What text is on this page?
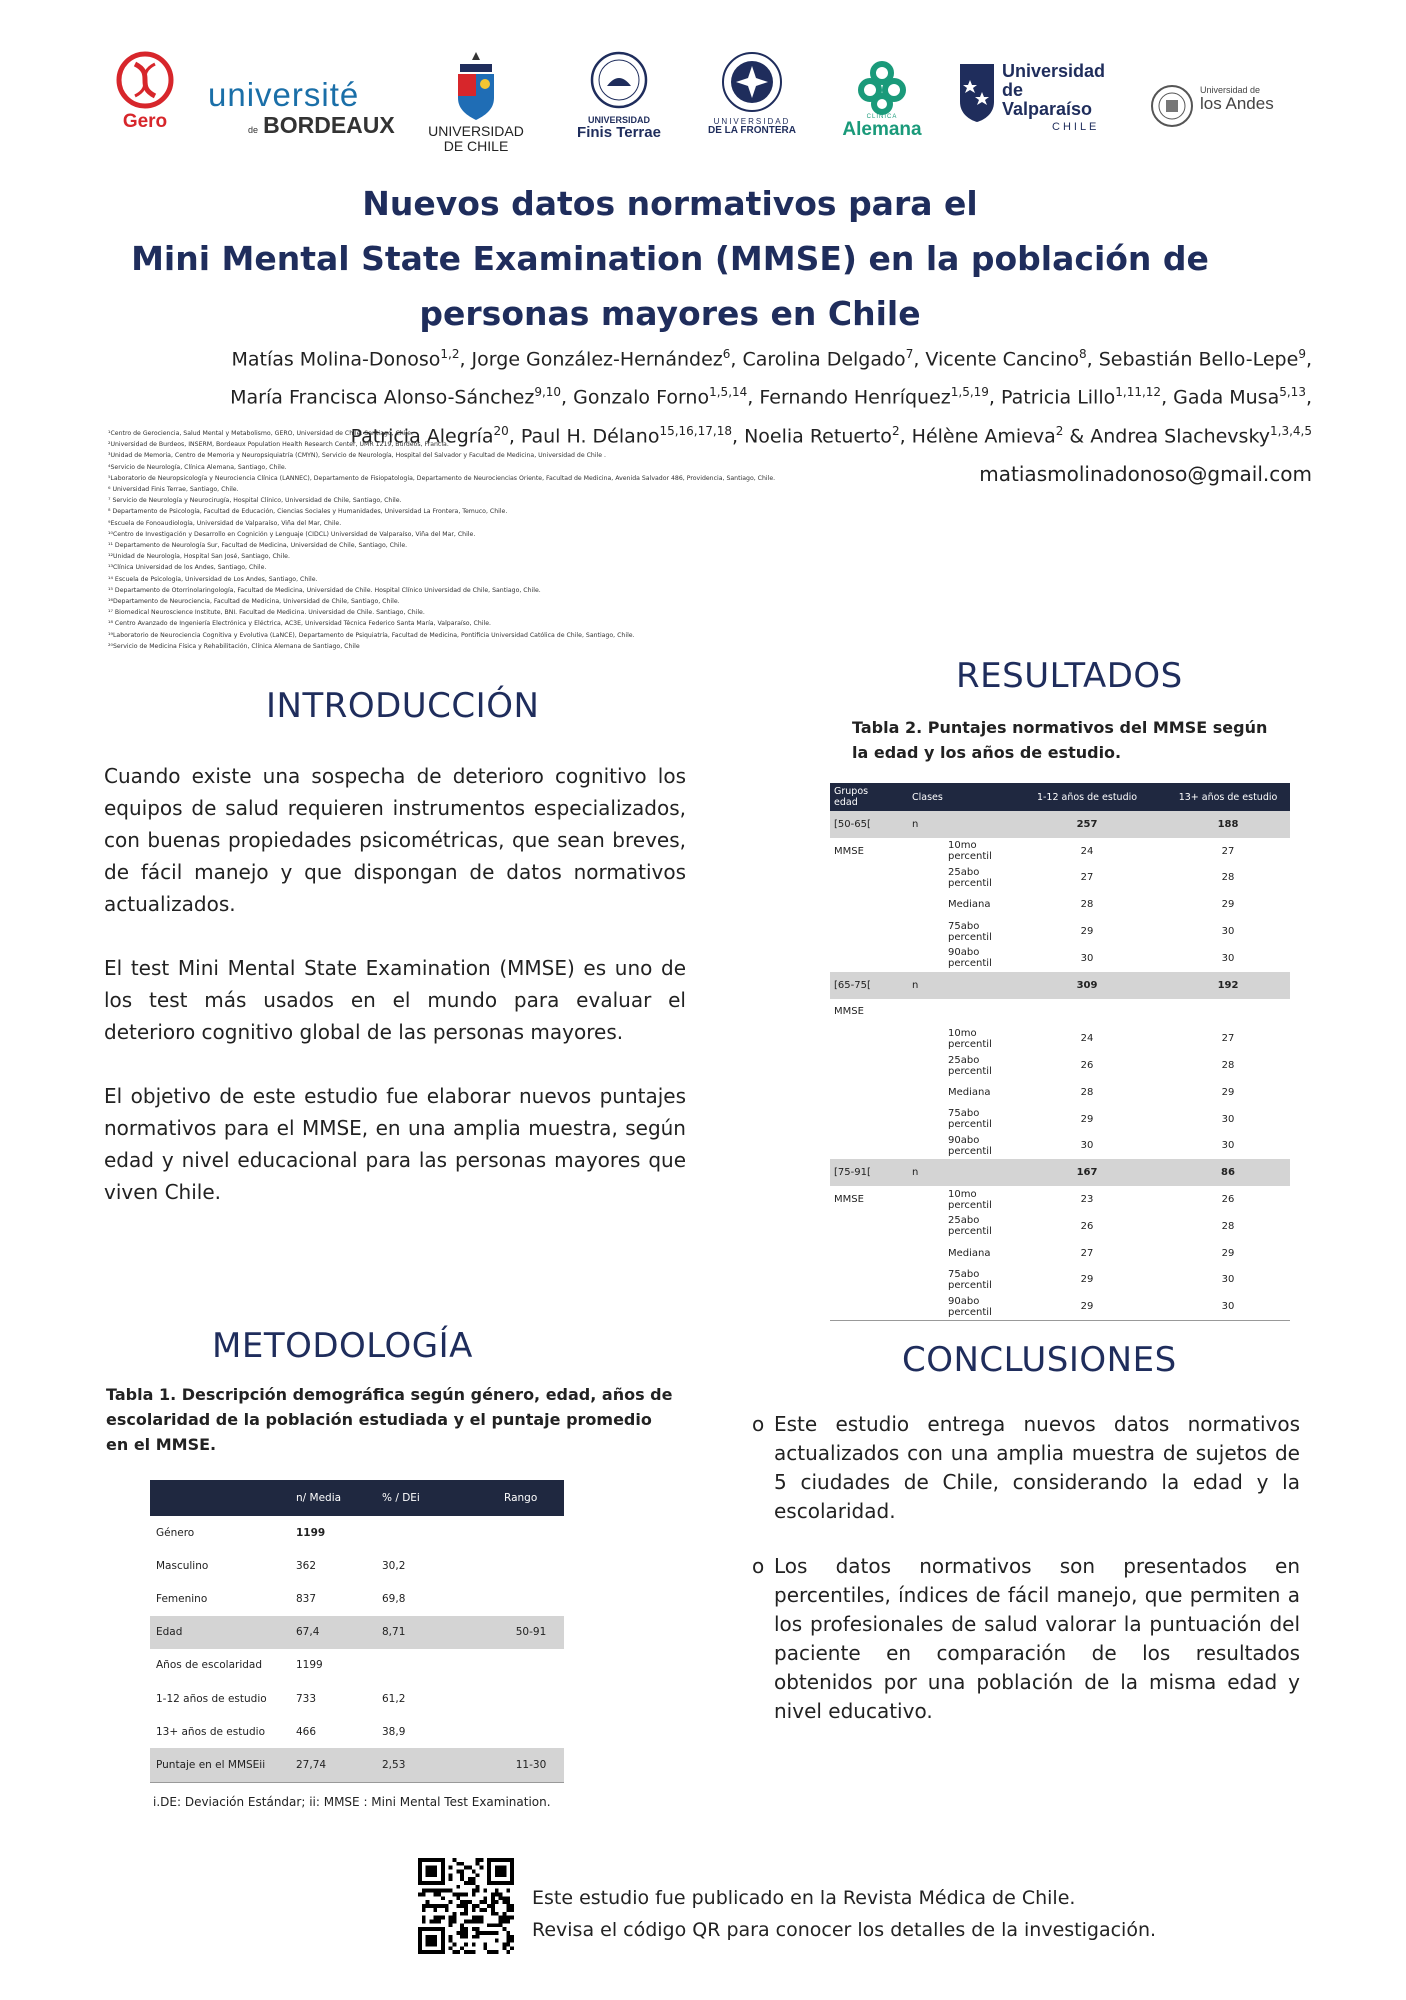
Gero
université
de BORDEAUX	UNIVERSIDAD
DE CHILE
UNIVERSIDAD
Finis Terrae
UNIVERSIDAD
DE LA FRONTERA
CLÍNICA
Alemana
Universidad
de Valparaíso
CHILE
Universidad de
los Andes
Nuevos datos normativos para el
Mini Mental State Examination (MMSE) en la población de
personas mayores en Chile
Matías Molina-Donoso$^{1,2}$, Jorge González-Hernández$^6$, Carolina Delgado$^7$, Vicente Cancino$^8$, Sebastián Bello-Lepe$^9$,
María Francisca Alonso-Sánchez$^{9,10}$, Gonzalo Forno$^{1,5,14}$, Fernando Henríquez$^{1,5,19}$, Patricia Lillo$^{1,11,12}$, Gada Musa$^{5,13}$,
Patricia Alegría$^{20}$, Paul H. Délano$^{15,16,17,18}$, Noelia Retuerto$^2$, Hélène Amieva$^2$ & Andrea Slachevsky$^{1,3,4,5}$
¹Centro de Gerociencia, Salud Mental y Metabolismo, GERO, Universidad de Chile. Santiago, Chile.
²Universidad de Burdeos, INSERM, Bordeaux Population Health Research Center, UMR 1219, Burdeos, Francia.
³Unidad de Memoria, Centro de Memoria y Neuropsiquiatría (CMYN), Servicio de Neurología, Hospital del Salvador y Facultad de Medicina, Universidad de Chile .
⁴Servicio de Neurología, Clínica Alemana, Santiago, Chile.
⁵Laboratorio de Neuropsicología y Neurociencia Clínica (LANNEC), Departamento de Fisiopatología, Departamento de Neurociencias Oriente, Facultad de Medicina, Avenida Salvador 486, Providencia, Santiago, Chile.
⁶ Universidad Finis Terrae, Santiago, Chile.
⁷ Servicio de Neurología y Neurocirugía, Hospital Clínico, Universidad de Chile, Santiago, Chile.
⁸ Departamento de Psicología, Facultad de Educación, Ciencias Sociales y Humanidades, Universidad La Frontera, Temuco, Chile.
⁹Escuela de Fonoaudiología, Universidad de Valparaíso, Viña del Mar, Chile.
¹⁰Centro de Investigación y Desarrollo en Cognición y Lenguaje (CIDCL) Universidad de Valparaíso, Viña del Mar, Chile.
¹¹ Departamento de Neurología Sur, Facultad de Medicina, Universidad de Chile, Santiago, Chile.
¹²Unidad de Neurología, Hospital San José, Santiago, Chile.
¹³Clínica Universidad de los Andes, Santiago, Chile.
¹⁴ Escuela de Psicología, Universidad de Los Andes, Santiago, Chile.
¹⁵ Departamento de Otorrinolaringología, Facultad de Medicina, Universidad de Chile. Hospital Clínico Universidad de Chile, Santiago, Chile.
¹⁶Departamento de Neurociencia, Facultad de Medicina, Universidad de Chile, Santiago, Chile.
¹⁷ Biomedical Neuroscience Institute, BNI. Facultad de Medicina. Universidad de Chile. Santiago, Chile.
¹⁸ Centro Avanzado de Ingeniería Electrónica y Eléctrica, AC3E, Universidad Técnica Federico Santa María, Valparaíso, Chile.
¹⁹Laboratorio de Neurociencia Cognitiva y Evolutiva (LaNCE), Departamento de Psiquiatría, Facultad de Medicina, Pontificia Universidad Católica de Chile, Santiago, Chile.
²⁰Servicio de Medicina Física y Rehabilitación, Clínica Alemana de Santiago, Chile
matiasmolinadonoso@gmail.com
INTRODUCCIÓN
Cuando existe una sospecha de deterioro cognitivo los equipos de salud requieren instrumentos especializados, con buenas propiedades psicométricas, que sean breves, de fácil manejo y que dispongan de datos normativos actualizados.
El test Mini Mental State Examination (MMSE) es uno de los test más usados en el mundo para evaluar el deterioro cognitivo global de las personas mayores.
El objetivo de este estudio fue elaborar nuevos puntajes normativos para el MMSE, en una amplia muestra, según edad y nivel educacional para las personas mayores que viven Chile.
METODOLOGÍA
Tabla 1. Descripción demográfica según género, edad, años de escolaridad de la población estudiada y el puntaje promedio en el MMSE.
	n/ Media	% / DEi	Rango
Género	1199		
Masculino	362	30,2	
Femenino	837	69,8	
Edad	67,4	8,71	50-91
Años de escolaridad	1199		
1-12 años de estudio	733	61,2	
13+ años de estudio	466	38,9	
Puntaje en el MMSEii	27,74	2,53	11-30
i.DE: Deviación Estándar; ii: MMSE : Mini Mental Test Examination.
RESULTADOS
Tabla 2. Puntajes normativos del MMSE según la edad y los años de estudio.
Grupos edad	Clases	1-12 años de estudio	13+ años de estudio
[50-65[	n	257	188
MMSE	10mo percentil	24	27
	25abo percentil	27	28
	Mediana	28	29
	75abo percentil	29	30
	90abo percentil	30	30
[65-75[	n	309	192
MMSE			
	10mo percentil	24	27
	25abo percentil	26	28
	Mediana	28	29
	75abo percentil	29	30
	90abo percentil	30	30
[75-91[	n	167	86
MMSE	10mo percentil	23	26
	25abo percentil	26	28
	Mediana	27	29
	75abo percentil	29	30
	90abo percentil	29	30
CONCLUSIONES
o Este estudio entrega nuevos datos normativos actualizados con una amplia muestra de sujetos de 5 ciudades de Chile, considerando la edad y la escolaridad.
o Los datos normativos son presentados en percentiles, índices de fácil manejo, que permiten a los profesionales de salud valorar la puntuación del paciente en comparación de los resultados obtenidos por una población de la misma edad y nivel educativo.
Este estudio fue publicado en la Revista Médica de Chile.
Revisa el código QR para conocer los detalles de la investigación.
